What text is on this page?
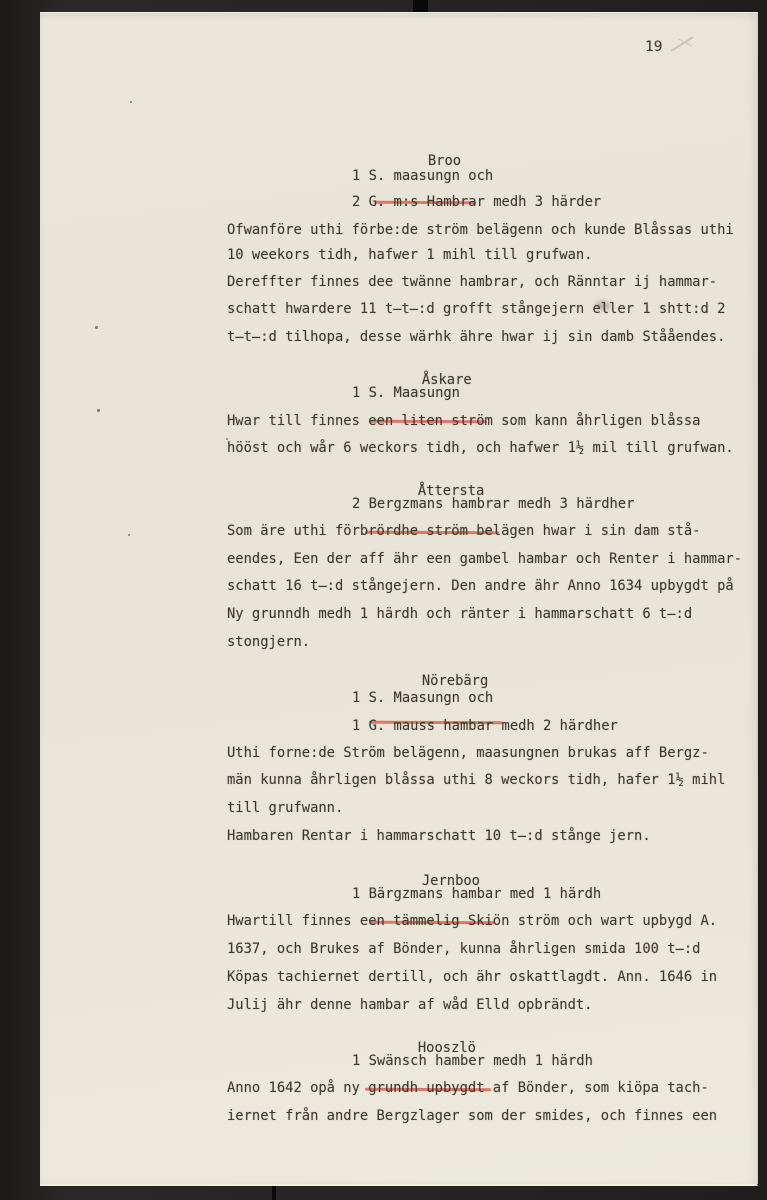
19

Broo

1 S. maasungn och
2 G. m:s Hambrar medh 3 härder
Ofwanföre uthi förbe:de ström belägenn och kunde Blåssas uthi
10 weekors tidh, hafwer 1 mihl till grufwan.
Dereffter finnes dee twänne hambrar, och Ränntar ij hammar-
schatt hwardere 11 t̶t̶:d grofft stångejern eller 1 shtt:d 2
t̶t̶:d tilhopa, desse wärhk ähre hwar ij sin damb Stååendes.

Åskare

1 S. Maasungn
Hwar till finnes een liten ström som kann åhrligen blåssa
hööst och wår 6 weckors tidh, och hafwer 1½ mil till grufwan.

Åttersta

2 Bergzmans hambrar medh 3 härdher
Som äre uthi förbrördhe ström belägen hwar i sin dam stå-
eendes, Een der aff ähr een gambel hambar och Renter i hammar-
schatt 16 t̶:d stångejern. Den andre ähr Anno 1634 upbygdt på
Ny grunndh medh 1 härdh och ränter i hammarschatt 6 t̶:d
stongjern.

Nörebärg

1 S. Maasungn och
1 G. mauss hambar medh 2 härdher
Uthi forne:de Ström belägenn, maasungnen brukas aff Bergz-
män kunna åhrligen blåssa uthi 8 weckors tidh, hafer 1½ mihl
till grufwann.
Hambaren Rentar i hammarschatt 10 t̶:d stånge jern.

Jernboo

1 Bärgzmans hambar med 1 härdh
Hwartill finnes een tämmelig Skiön ström och wart upbygd A.
1637, och Brukes af Bönder, kunna åhrligen smida 100 t̶:d
Köpas tachiernet dertill, och ähr oskattlagdt. Ann. 1646 in
Julij ähr denne hambar af wåd Elld opbrändt.

Hooszlö

1 Swänsch hamber medh 1 härdh
Anno 1642 opå ny grundh upbygdt af Bönder, som kiöpa tach-
iernet från andre Bergzlager som der smides, och finnes een
